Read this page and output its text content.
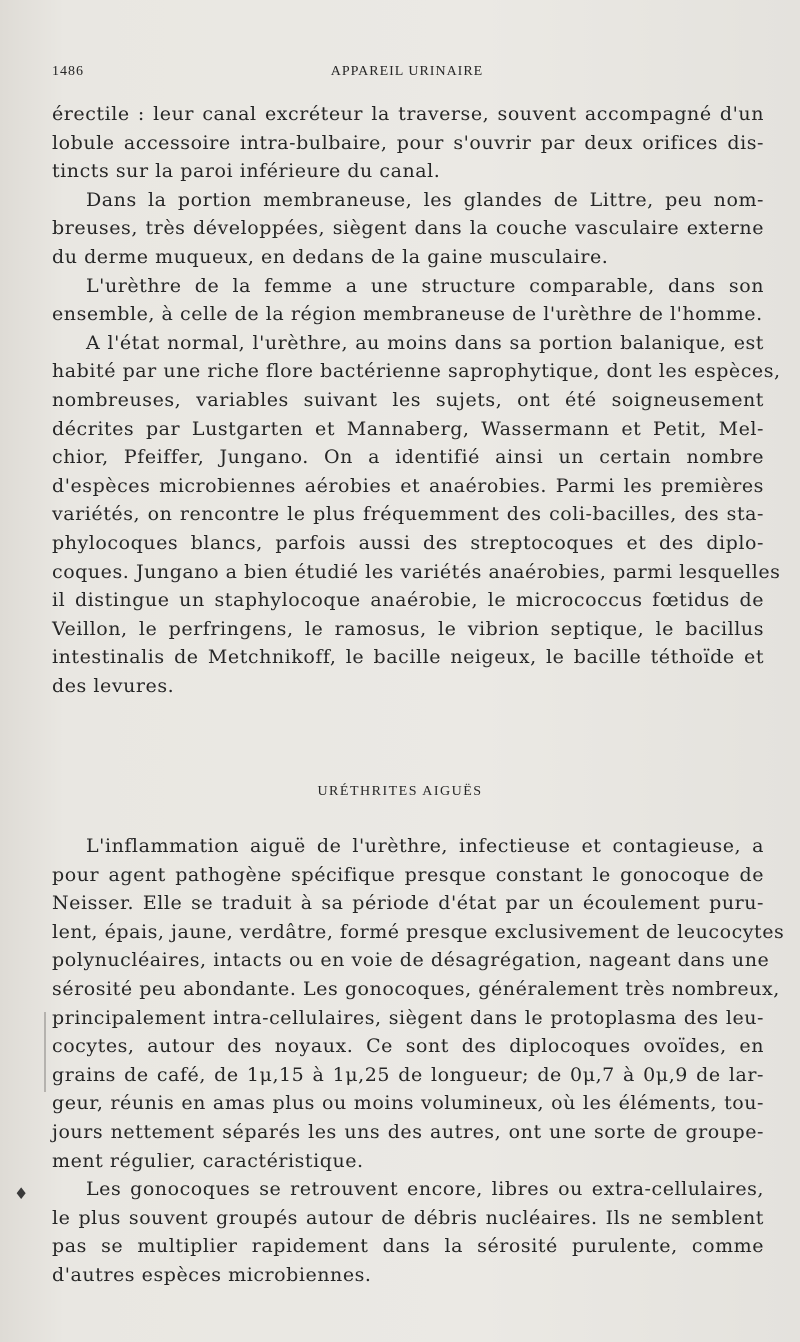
1486	APPAREIL URINAIRE
érectile : leur canal excréteur la traverse, souvent accompagné d'un
lobule accessoire intra-bulbaire, pour s'ouvrir par deux orifices dis-
tincts sur la paroi inférieure du canal.
Dans la portion membraneuse, les glandes de Littre, peu nom-
breuses, très développées, siègent dans la couche vasculaire externe
du derme muqueux, en dedans de la gaine musculaire.
L'urèthre de la femme a une structure comparable, dans son
ensemble, à celle de la région membraneuse de l'urèthre de l'homme.
A l'état normal, l'urèthre, au moins dans sa portion balanique, est
habité par une riche flore bactérienne saprophytique, dont les espèces,
nombreuses, variables suivant les sujets, ont été soigneusement
décrites par Lustgarten et Mannaberg, Wassermann et Petit, Mel-
chior, Pfeiffer, Jungano. On a identifié ainsi un certain nombre
d'espèces microbiennes aérobies et anaérobies. Parmi les premières
variétés, on rencontre le plus fréquemment des coli-bacilles, des sta-
phylocoques blancs, parfois aussi des streptocoques et des diplo-
coques. Jungano a bien étudié les variétés anaérobies, parmi lesquelles
il distingue un staphylocoque anaérobie, le micrococcus fœtidus de
Veillon, le perfringens, le ramosus, le vibrion septique, le bacillus
intestinalis de Metchnikoff, le bacille neigeux, le bacille téthoïde et
des levures.
URÉTHRITES AIGUËS
L'inflammation aiguë de l'urèthre, infectieuse et contagieuse, a
pour agent pathogène spécifique presque constant le gonocoque de
Neisser. Elle se traduit à sa période d'état par un écoulement puru-
lent, épais, jaune, verdâtre, formé presque exclusivement de leucocytes
polynucléaires, intacts ou en voie de désagrégation, nageant dans une
sérosité peu abondante. Les gonocoques, généralement très nombreux,
principalement intra-cellulaires, siègent dans le protoplasma des leu-
cocytes, autour des noyaux. Ce sont des diplocoques ovoïdes, en
grains de café, de 1μ,15 à 1μ,25 de longueur; de 0μ,7 à 0μ,9 de lar-
geur, réunis en amas plus ou moins volumineux, où les éléments, tou-
jours nettement séparés les uns des autres, ont une sorte de groupe-
ment régulier, caractéristique.
Les gonocoques se retrouvent encore, libres ou extra-cellulaires,
le plus souvent groupés autour de débris nucléaires. Ils ne semblent
pas se multiplier rapidement dans la sérosité purulente, comme
d'autres espèces microbiennes.
♦
